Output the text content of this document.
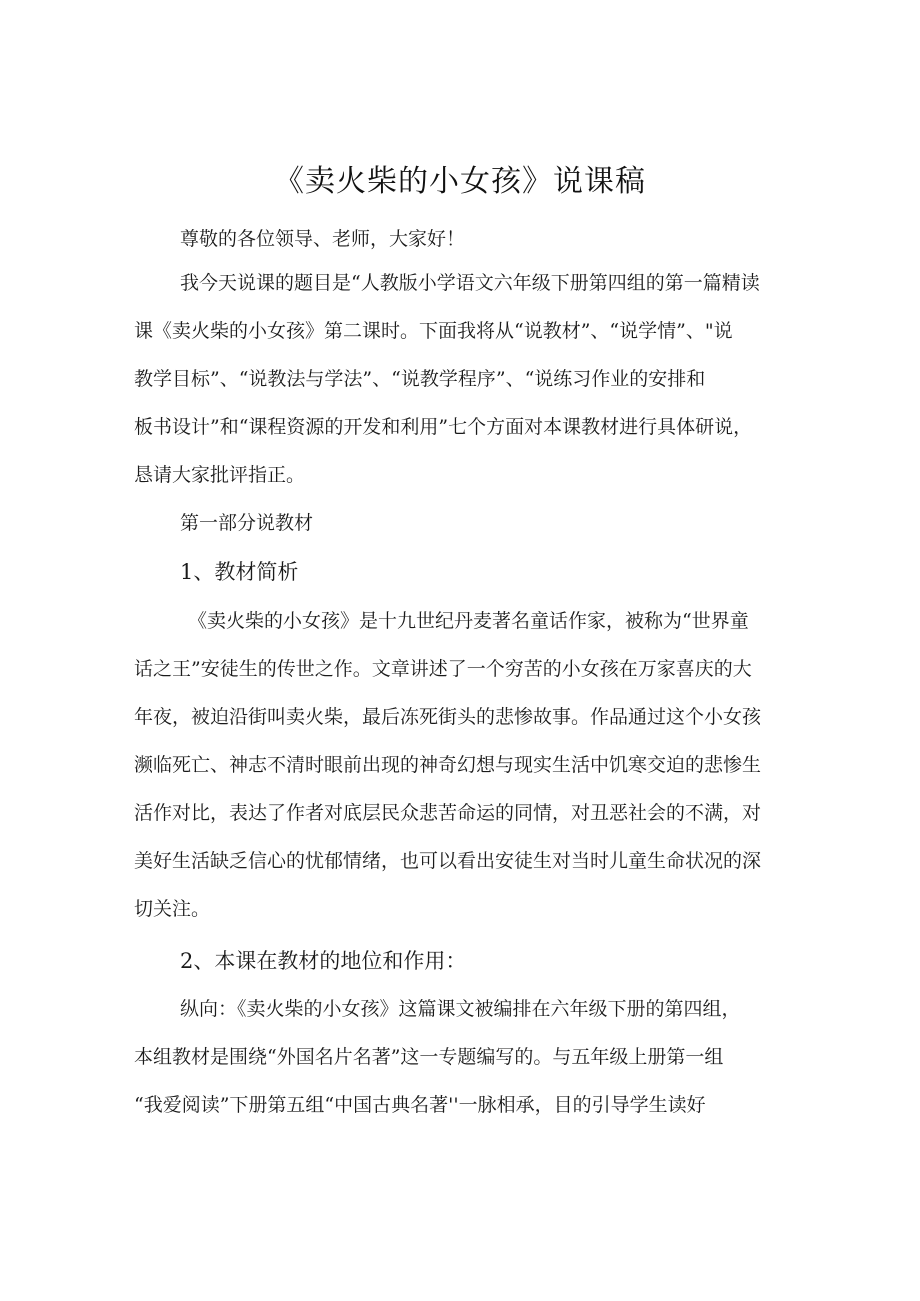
《卖火柴的小女孩》说课稿
尊敬的各位领导、老师，大家好！
我今天说课的题目是“人教版小学语文六年级下册第四组的第一篇精读
课《卖火柴的小女孩》第二课时。下面我将从“说教材”、“说学情”、"说
教学目标”、“说教法与学法”、“说教学程序”、“说练习作业的安排和
板书设计”和“课程资源的开发和利用”七个方面对本课教材进行具体研说，
恳请大家批评指正。
第一部分说教材
1、教材简析
《卖火柴的小女孩》是十九世纪丹麦著名童话作家，被称为“世界童
话之王”安徒生的传世之作。文章讲述了一个穷苦的小女孩在万家喜庆的大
年夜，被迫沿街叫卖火柴，最后冻死街头的悲惨故事。作品通过这个小女孩
濒临死亡、神志不清时眼前出现的神奇幻想与现实生活中饥寒交迫的悲惨生
活作对比，表达了作者对底层民众悲苦命运的同情，对丑恶社会的不满，对
美好生活缺乏信心的忧郁情绪，也可以看出安徒生对当时儿童生命状况的深
切关注。
2、本课在教材的地位和作用：
纵向：《卖火柴的小女孩》这篇课文被编排在六年级下册的第四组，
本组教材是围绕“外国名片名著”这一专题编写的。与五年级上册第一组
“我爱阅读”下册第五组“中国古典名著''一脉相承，目的引导学生读好
